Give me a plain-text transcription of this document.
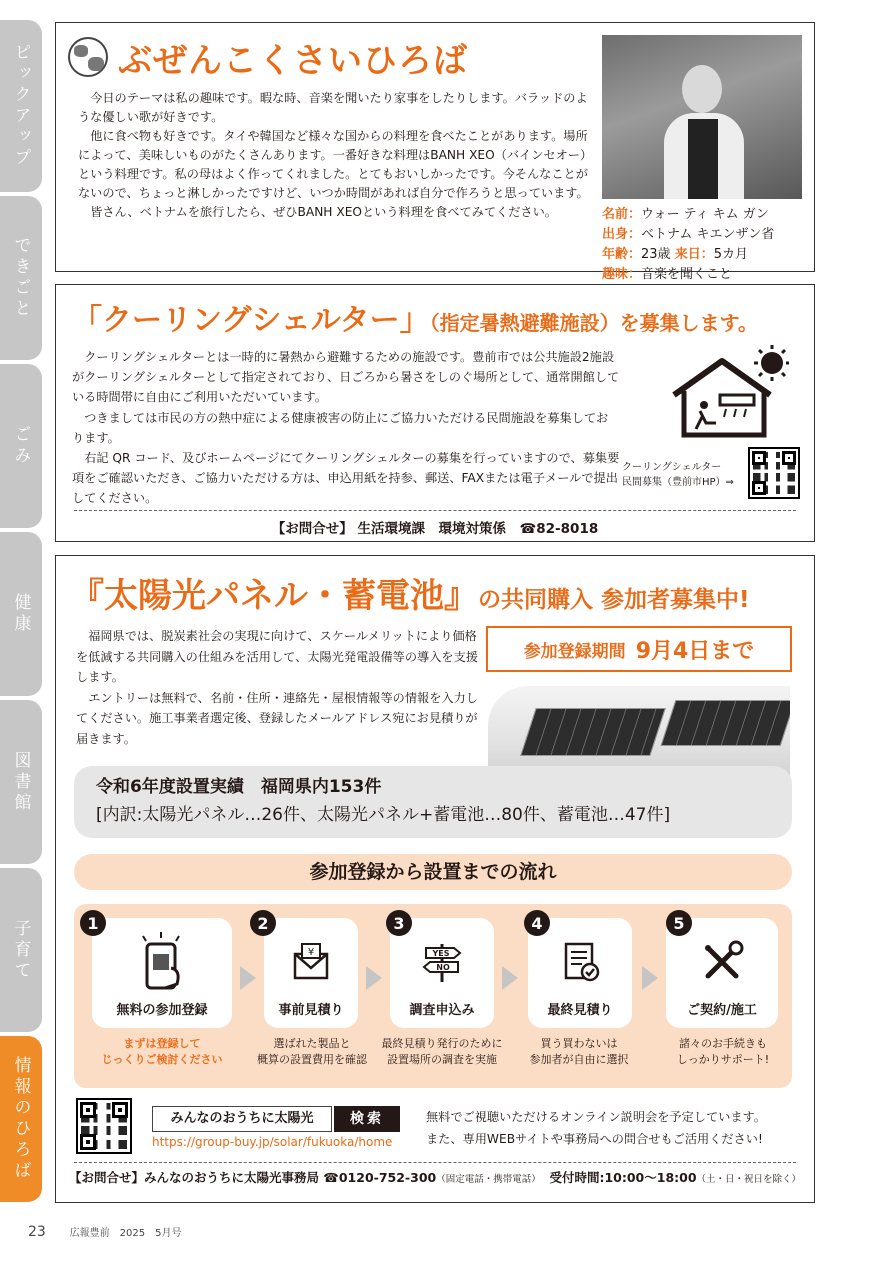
ピックアップ
できごと
ごみ
健康
図書館
子育て
情報のひろば
ぶぜんこくさいひろば

今日のテーマは私の趣味です。暇な時、音楽を聞いたり家事をしたりします。バラッドのような優しい歌が好きです。

他に食べ物も好きです。タイや韓国など様々な国からの料理を食べたことがあります。場所によって、美味しいものがたくさんあります。一番好きな料理はBANH XEO（バインセオー）という料理です。私の母はよく作ってくれました。とてもおいしかったです。今そんなことがないので、ちょっと淋しかったですけど、いつか時間があれば自分で作ろうと思っています。

皆さん、ベトナムを旅行したら、ぜひBANH XEOという料理を食べてみてください。	名前：ウォー ティ キム ガン
出身：ベトナム キエンザン省
年齢：23歳 来日：5カ月
趣味：音楽を聞くこと
「クーリングシェルター」（指定暑熱避難施設）を募集します。

クーリングシェルターとは一時的に暑熱から避難するための施設です。豊前市では公共施設2施設がクーリングシェルターとして指定されており、日ごろから暑さをしのぐ場所として、通常開館している時間帯に自由にご利用いただいています。

つきましては市民の方の熱中症による健康被害の防止にご協力いただける民間施設を募集しております。

右記 QR コード、及びホームページにてクーリングシェルターの募集を行っていますので、募集要項をご確認いただき、ご協力いただける方は、申込用紙を持参、郵送、FAXまたは電子メールで提出してください。

クーリングシェルター
民間募集（豊前市HP）⇒
【お問合せ】 生活環境課　環境対策係　☎82-8018
『太陽光パネル・蓄電池』の共同購入 参加者募集中!

福岡県では、脱炭素社会の実現に向けて、スケールメリットにより価格を低減する共同購入の仕組みを活用して、太陽光発電設備等の導入を支援します。

エントリーは無料で、名前・住所・連絡先・屋根情報等の情報を入力してください。施工事業者選定後、登録したメールアドレス宛にお見積りが届きます。

参加登録期間 9月4日まで
令和6年度設置実績　福岡県内153件
[内訳:太陽光パネル…26件、太陽光パネル+蓄電池…80件、蓄電池…47件]
参加登録から設置までの流れ
無料の参加登録
1
¥
事前見積り
2
YES
NO
調査申込み
3
最終見積り
4
ご契約/施工
5
まずは登録して
じっくりご検討ください
選ばれた製品と
概算の設置費用を確認
最終見積り発行のために
設置場所の調査を実施
買う買わないは
参加者が自由に選択
諸々のお手続きも
しっかりサポート!
みんなのおうちに太陽光	検索
https://group-buy.jp/solar/fukuoka/home
無料でご視聴いただけるオンライン説明会を予定しています。
また、専用WEBサイトや事務局への問合せもご活用ください!
【お問合せ】みんなのおうちに太陽光事務局 ☎0120-752-300（固定電話・携帯電話） 受付時間:10:00〜18:00（土・日・祝日を除く）
23 広報豊前　2025　5月号
